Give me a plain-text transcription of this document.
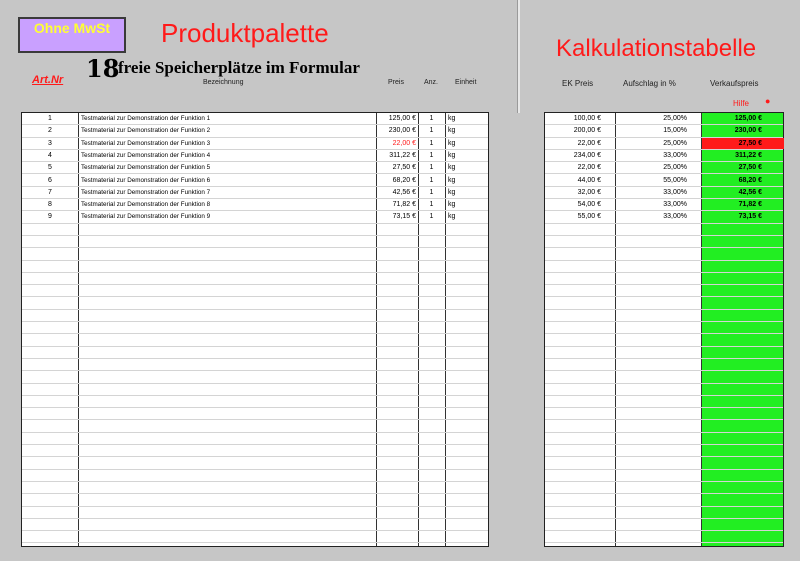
Ohne MwSt	Produktpalette
18
freie Speicherplätze im Formular
Art.Nr	Bezeichnung	Preis	Anz. Einheit
Kalkulationstabelle
EK Preis	Aufschlag in %	Verkaufspreis
Hilfe ●
1	Testmaterial zur Demonstration der Funktion 1	125,00 €	1	kg
2	Testmaterial zur Demonstration der Funktion 2	230,00 €	1	kg
3	Testmaterial zur Demonstration der Funktion 3	22,00 €	1	kg
4	Testmaterial zur Demonstration der Funktion 4	311,22 €	1	kg
5	Testmaterial zur Demonstration der Funktion 5	27,50 €	1	kg
6	Testmaterial zur Demonstration der Funktion 6	68,20 €	1	kg
7	Testmaterial zur Demonstration der Funktion 7	42,56 €	1	kg
8	Testmaterial zur Demonstration der Funktion 8	71,82 €	1	kg
9	Testmaterial zur Demonstration der Funktion 9	73,15 €	1	kg
100,00 €	25,00%	125,00 €
200,00 €	15,00%	230,00 €
22,00 €	25,00%	27,50 €
234,00 €	33,00%	311,22 €
22,00 €	25,00%	27,50 €
44,00 €	55,00%	68,20 €
32,00 €	33,00%	42,56 €
54,00 €	33,00%	71,82 €
55,00 €	33,00%	73,15 €
